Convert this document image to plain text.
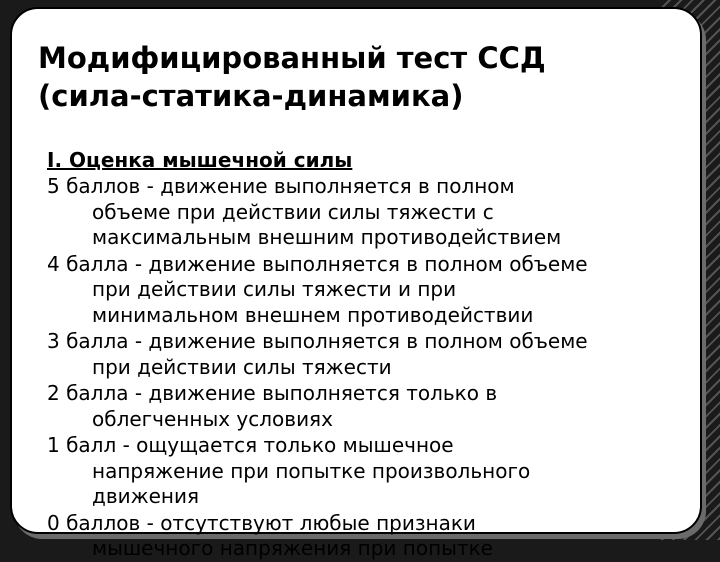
Модифицированный тест ССД
(сила-статика-динамика)
I. Оценка мышечной силы
5 баллов - движение выполняется в полном
объеме при действии силы тяжести с
максимальным внешним противодействием
4 балла - движение выполняется в полном объеме
при действии силы тяжести и при
минимальном внешнем противодействии
3 балла - движение выполняется в полном объеме
при действии силы тяжести
2 балла - движение выполняется только в
облегченных условиях
1 балл - ощущается только мышечное
напряжение при попытке произвольного
движения
0 баллов - отсутствуют любые признаки
мышечного напряжения при попытке
